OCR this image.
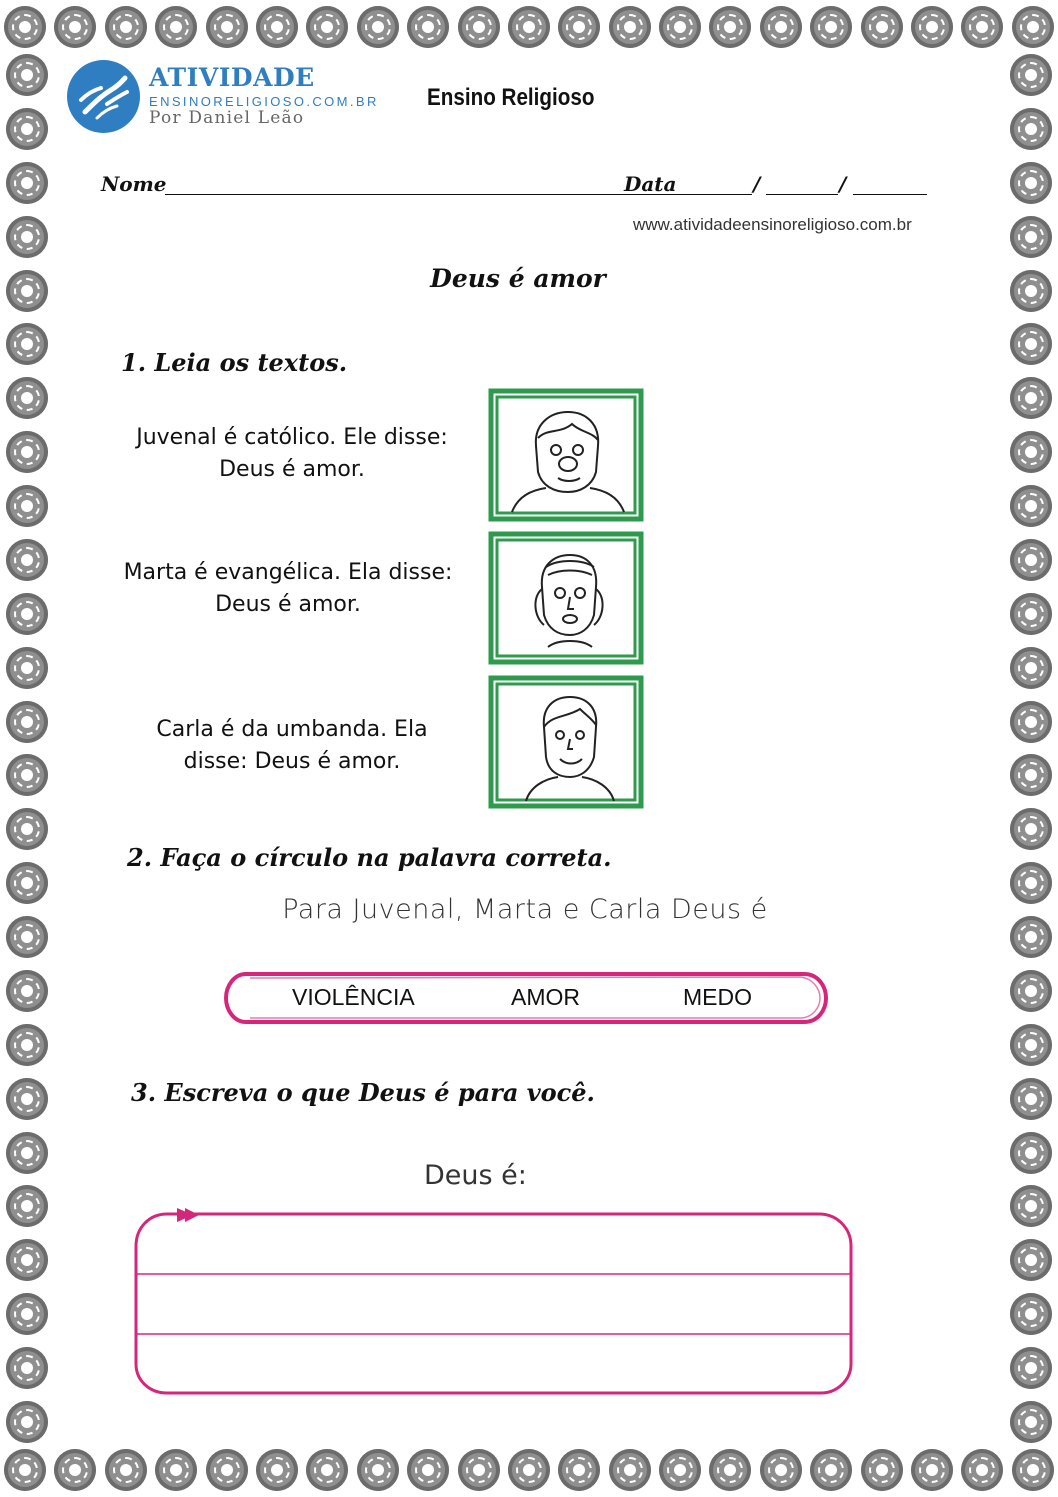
ATIVIDADE
ENSINORELIGIOSO.COM.BR
Por Daniel Leão
Ensino Religioso
Nome	Data	/	/
www.atividadeensinoreligioso.com.br
Deus é amor
1. Leia os textos.
Juvenal é católico. Ele disse: Deus é amor.
Marta é evangélica. Ela disse: Deus é amor.
Carla é da umbanda. Ela disse: Deus é amor.
2. Faça o círculo na palavra correta.
Para Juvenal, Marta e Carla Deus é
VIOLÊNCIA	AMOR	MEDO
3. Escreva o que Deus é para você.
Deus é:
